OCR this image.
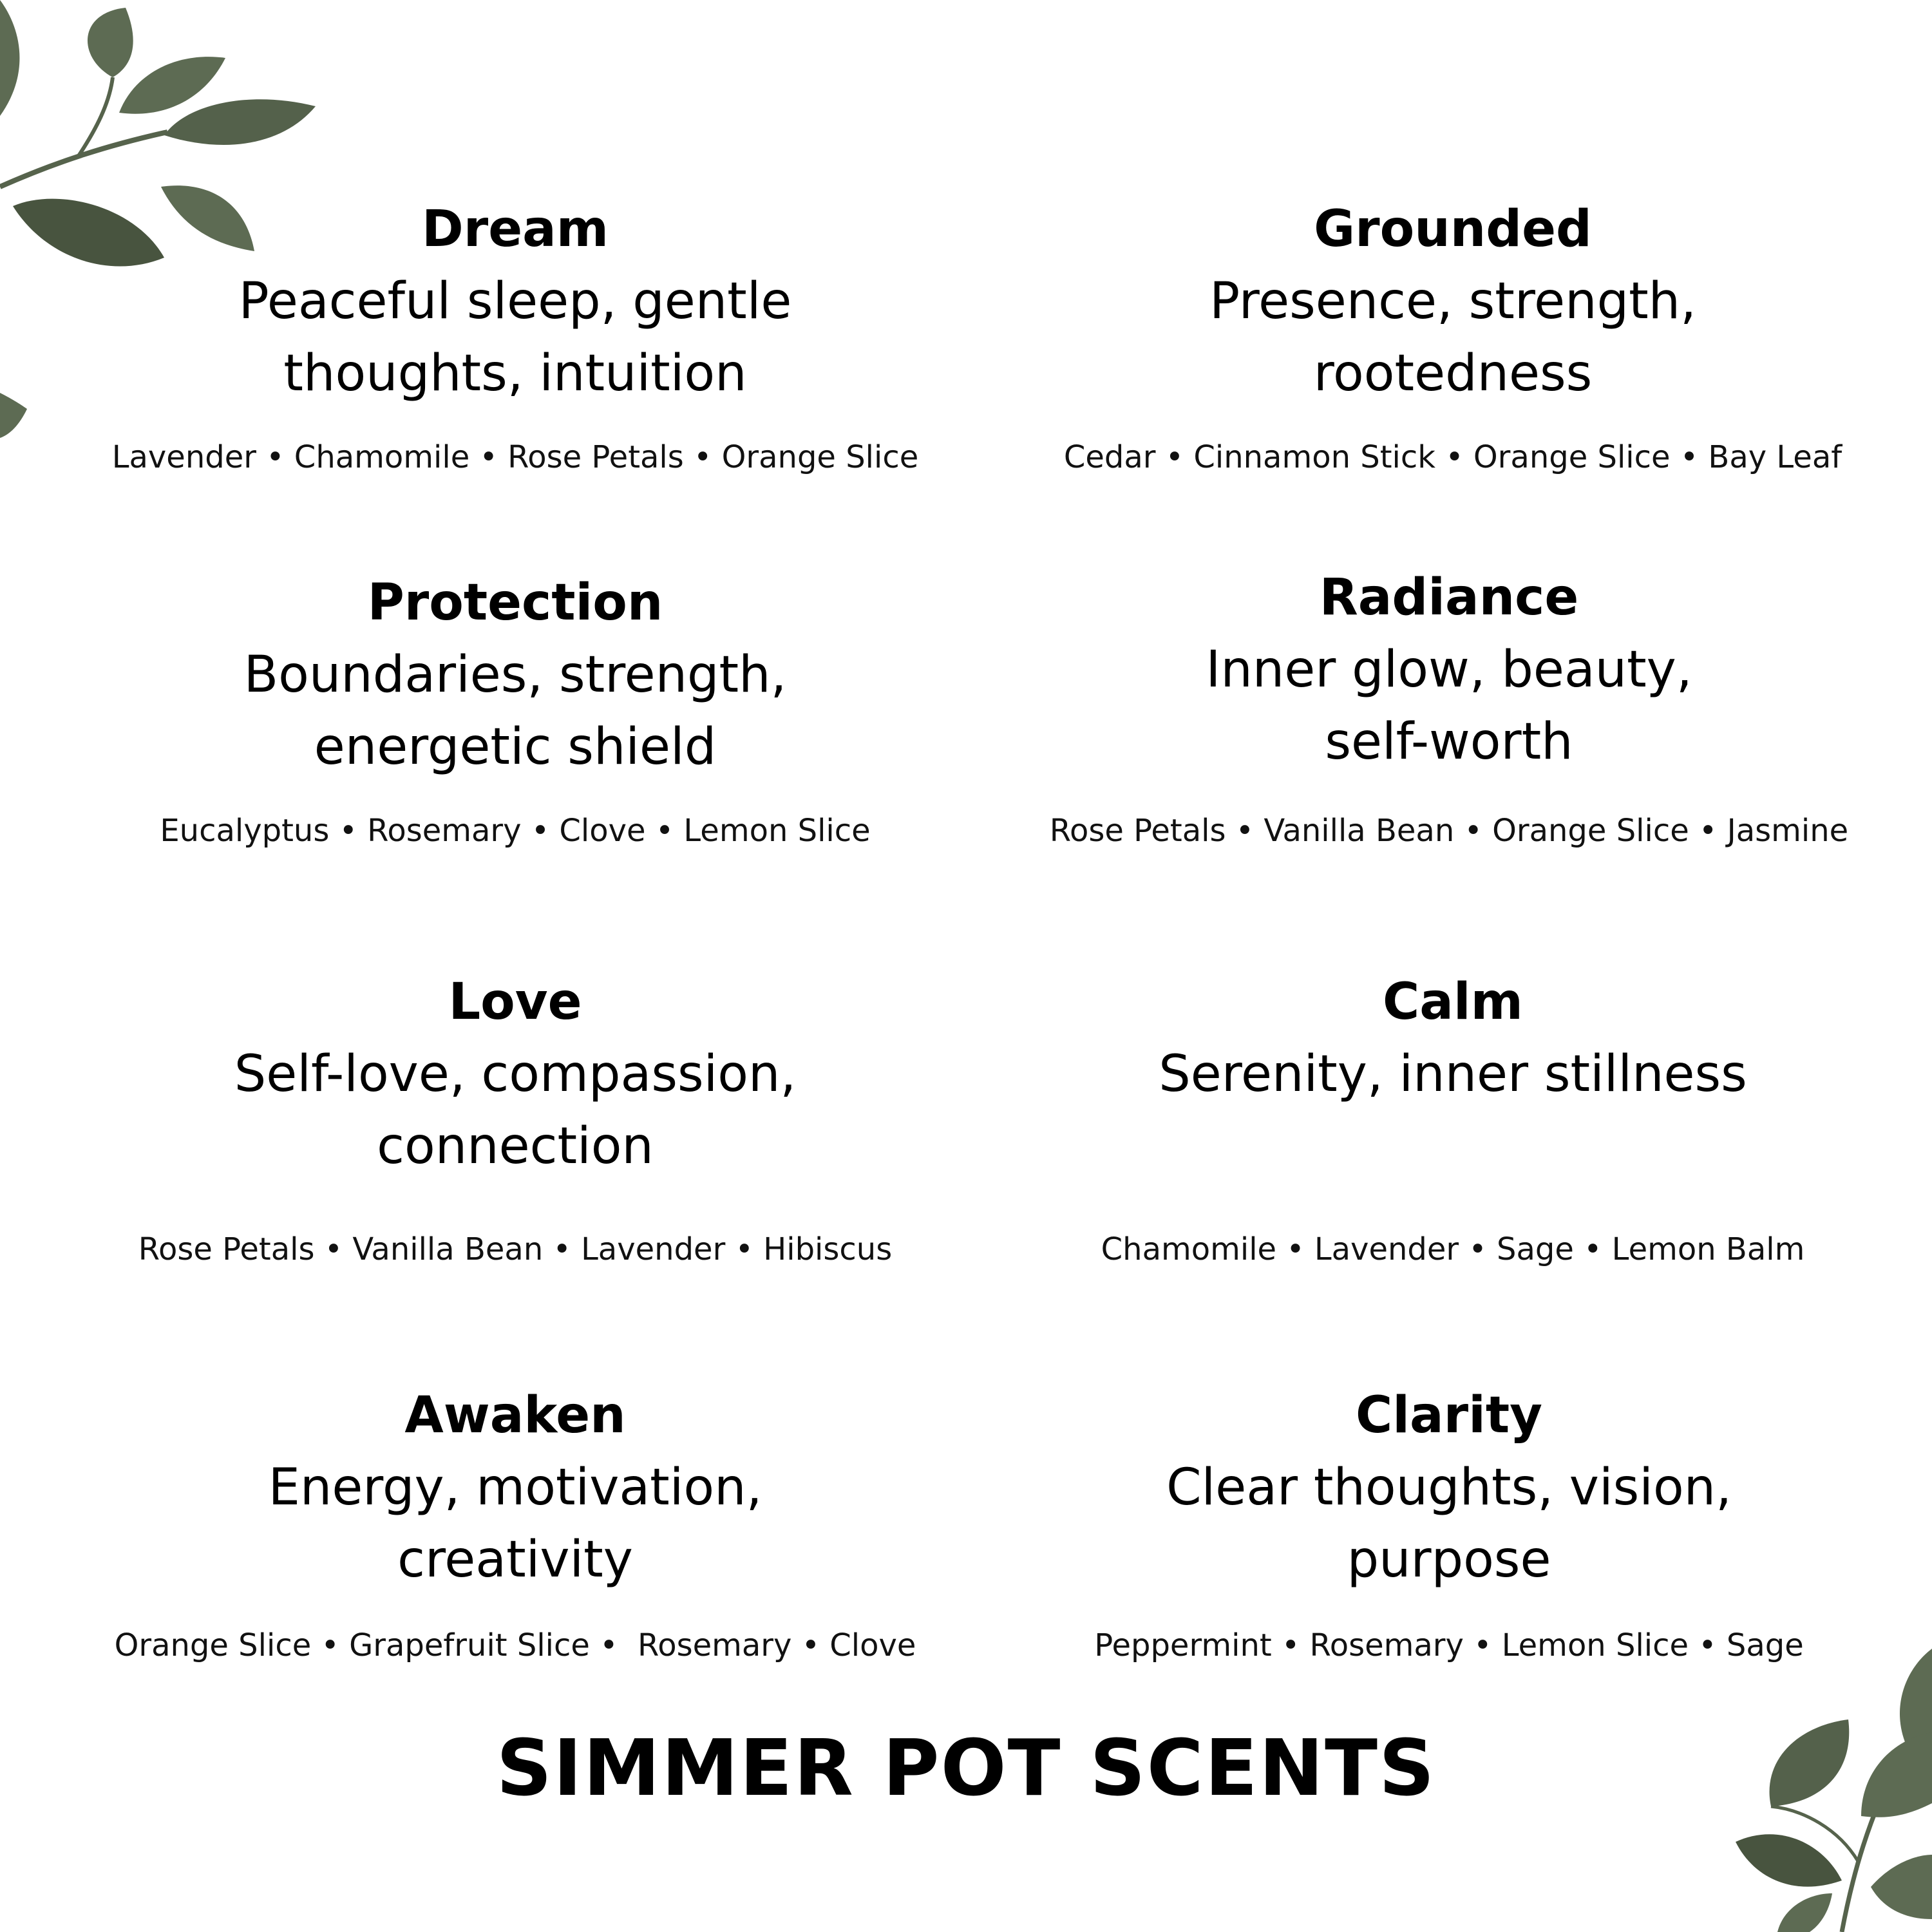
Dream
Peaceful sleep, gentle thoughts, intuition
Lavender • Chamomile • Rose Petals • Orange Slice
Grounded
Presence, strength, rootedness
Cedar • Cinnamon Stick • Orange Slice • Bay Leaf
Protection
Boundaries, strength, energetic shield
Eucalyptus • Rosemary • Clove • Lemon Slice
Radiance
Inner glow, beauty, self-worth
Rose Petals • Vanilla Bean • Orange Slice • Jasmine
Love
Self-love, compassion, connection
Rose Petals • Vanilla Bean • Lavender • Hibiscus
Calm
Serenity, inner stillness
Chamomile • Lavender • Sage • Lemon Balm
Awaken
Energy, motivation, creativity
Orange Slice • Grapefruit Slice •  Rosemary • Clove
Clarity
Clear thoughts, vision, purpose
Peppermint • Rosemary • Lemon Slice • Sage
SIMMER POT SCENTS
